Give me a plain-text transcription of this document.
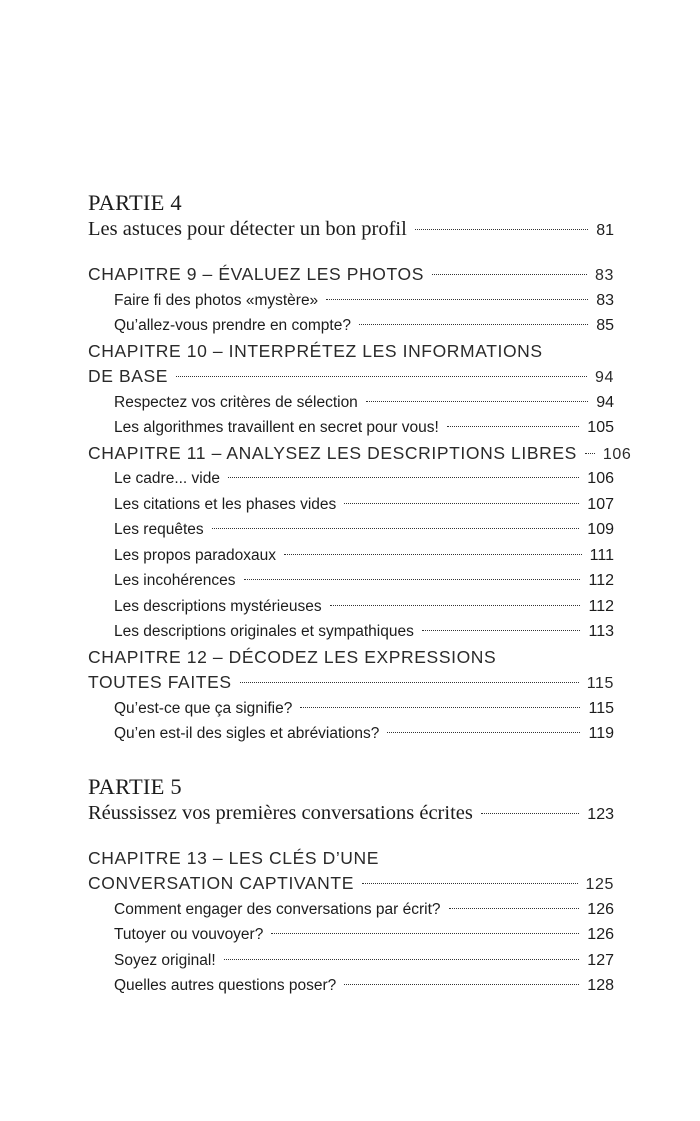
PARTIE 4
Les astuces pour détecter un bon profil	81
CHAPITRE 9 – ÉVALUEZ LES PHOTOS	83
Faire fi des photos «mystère»	83
Qu’allez-vous prendre en compte?	85
CHAPITRE 10 – INTERPRÉTEZ LES INFORMATIONS
DE BASE	94
Respectez vos critères de sélection	94
Les algorithmes travaillent en secret pour vous!	105
CHAPITRE 11 – ANALYSEZ LES DESCRIPTIONS LIBRES 106
Le cadre... vide	106
Les citations et les phases vides	107
Les requêtes	109
Les propos paradoxaux	111
Les incohérences	112
Les descriptions mystérieuses	112
Les descriptions originales et sympathiques	113
CHAPITRE 12 – DÉCODEZ LES EXPRESSIONS
TOUTES FAITES	115
Qu’est-ce que ça signifie?	115
Qu’en est-il des sigles et abréviations?	119
PARTIE 5
Réussissez vos premières conversations écrites	123
CHAPITRE 13 – LES CLÉS D’UNE
CONVERSATION CAPTIVANTE	125
Comment engager des conversations par écrit?	126
Tutoyer ou vouvoyer?	126
Soyez original!	127
Quelles autres questions poser?	128
